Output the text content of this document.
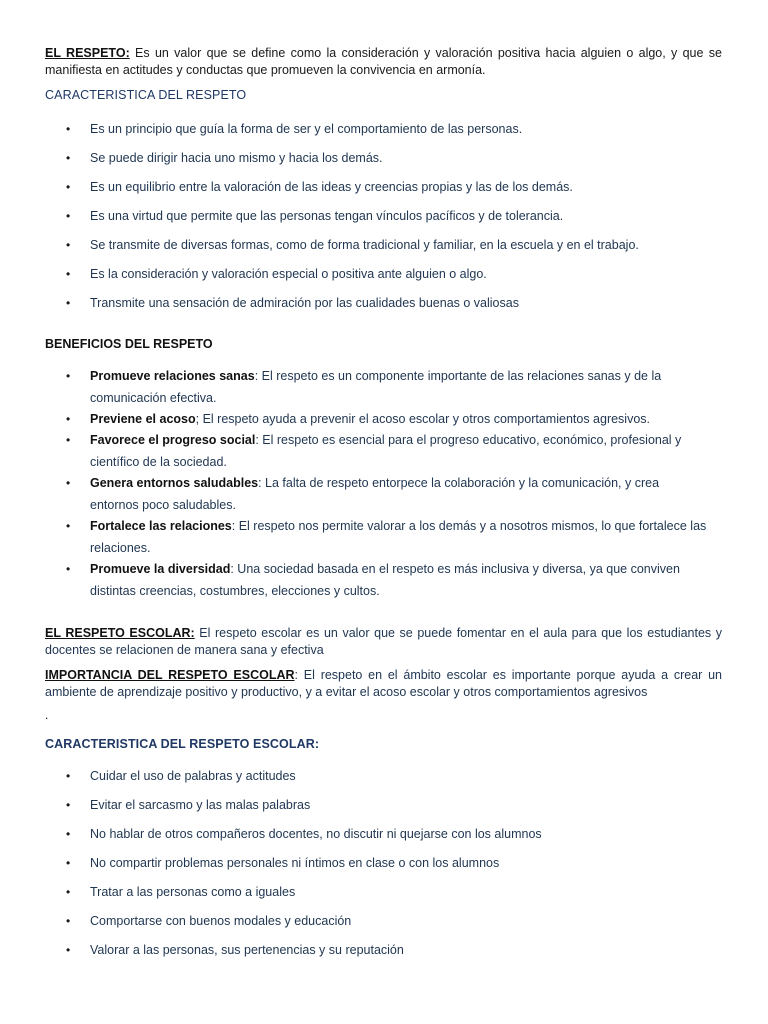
EL RESPETO: Es un valor que se define como la consideración y valoración positiva hacia alguien o algo, y que se manifiesta en actitudes y conductas que promueven la convivencia en armonía.
CARACTERISTICA DEL RESPETO
• Es un principio que guía la forma de ser y el comportamiento de las personas.
• Se puede dirigir hacia uno mismo y hacia los demás.
• Es un equilibrio entre la valoración de las ideas y creencias propias y las de los demás.
• Es una virtud que permite que las personas tengan vínculos pacíficos y de tolerancia.
• Se transmite de diversas formas, como de forma tradicional y familiar, en la escuela y en el trabajo.
• Es la consideración y valoración especial o positiva ante alguien o algo.
• Transmite una sensación de admiración por las cualidades buenas o valiosas
BENEFICIOS DEL RESPETO
• Promueve relaciones sanas: El respeto es un componente importante de las relaciones sanas y de la comunicación efectiva.
• Previene el acoso; El respeto ayuda a prevenir el acoso escolar y otros comportamientos agresivos.
• Favorece el progreso social: El respeto es esencial para el progreso educativo, económico, profesional y científico de la sociedad.
• Genera entornos saludables: La falta de respeto entorpece la colaboración y la comunicación, y crea entornos poco saludables.
• Fortalece las relaciones: El respeto nos permite valorar a los demás y a nosotros mismos, lo que fortalece las relaciones.
• Promueve la diversidad: Una sociedad basada en el respeto es más inclusiva y diversa, ya que conviven distintas creencias, costumbres, elecciones y cultos.
EL RESPETO ESCOLAR: El respeto escolar es un valor que se puede fomentar en el aula para que los estudiantes y docentes se relacionen de manera sana y efectiva
IMPORTANCIA DEL RESPETO ESCOLAR: El respeto en el ámbito escolar es importante porque ayuda a crear un ambiente de aprendizaje positivo y productivo, y a evitar el acoso escolar y otros comportamientos agresivos
.
CARACTERISTICA DEL RESPETO ESCOLAR:
• Cuidar el uso de palabras y actitudes
• Evitar el sarcasmo y las malas palabras
• No hablar de otros compañeros docentes, no discutir ni quejarse con los alumnos
• No compartir problemas personales ni íntimos en clase o con los alumnos
• Tratar a las personas como a iguales
• Comportarse con buenos modales y educación
• Valorar a las personas, sus pertenencias y su reputación
